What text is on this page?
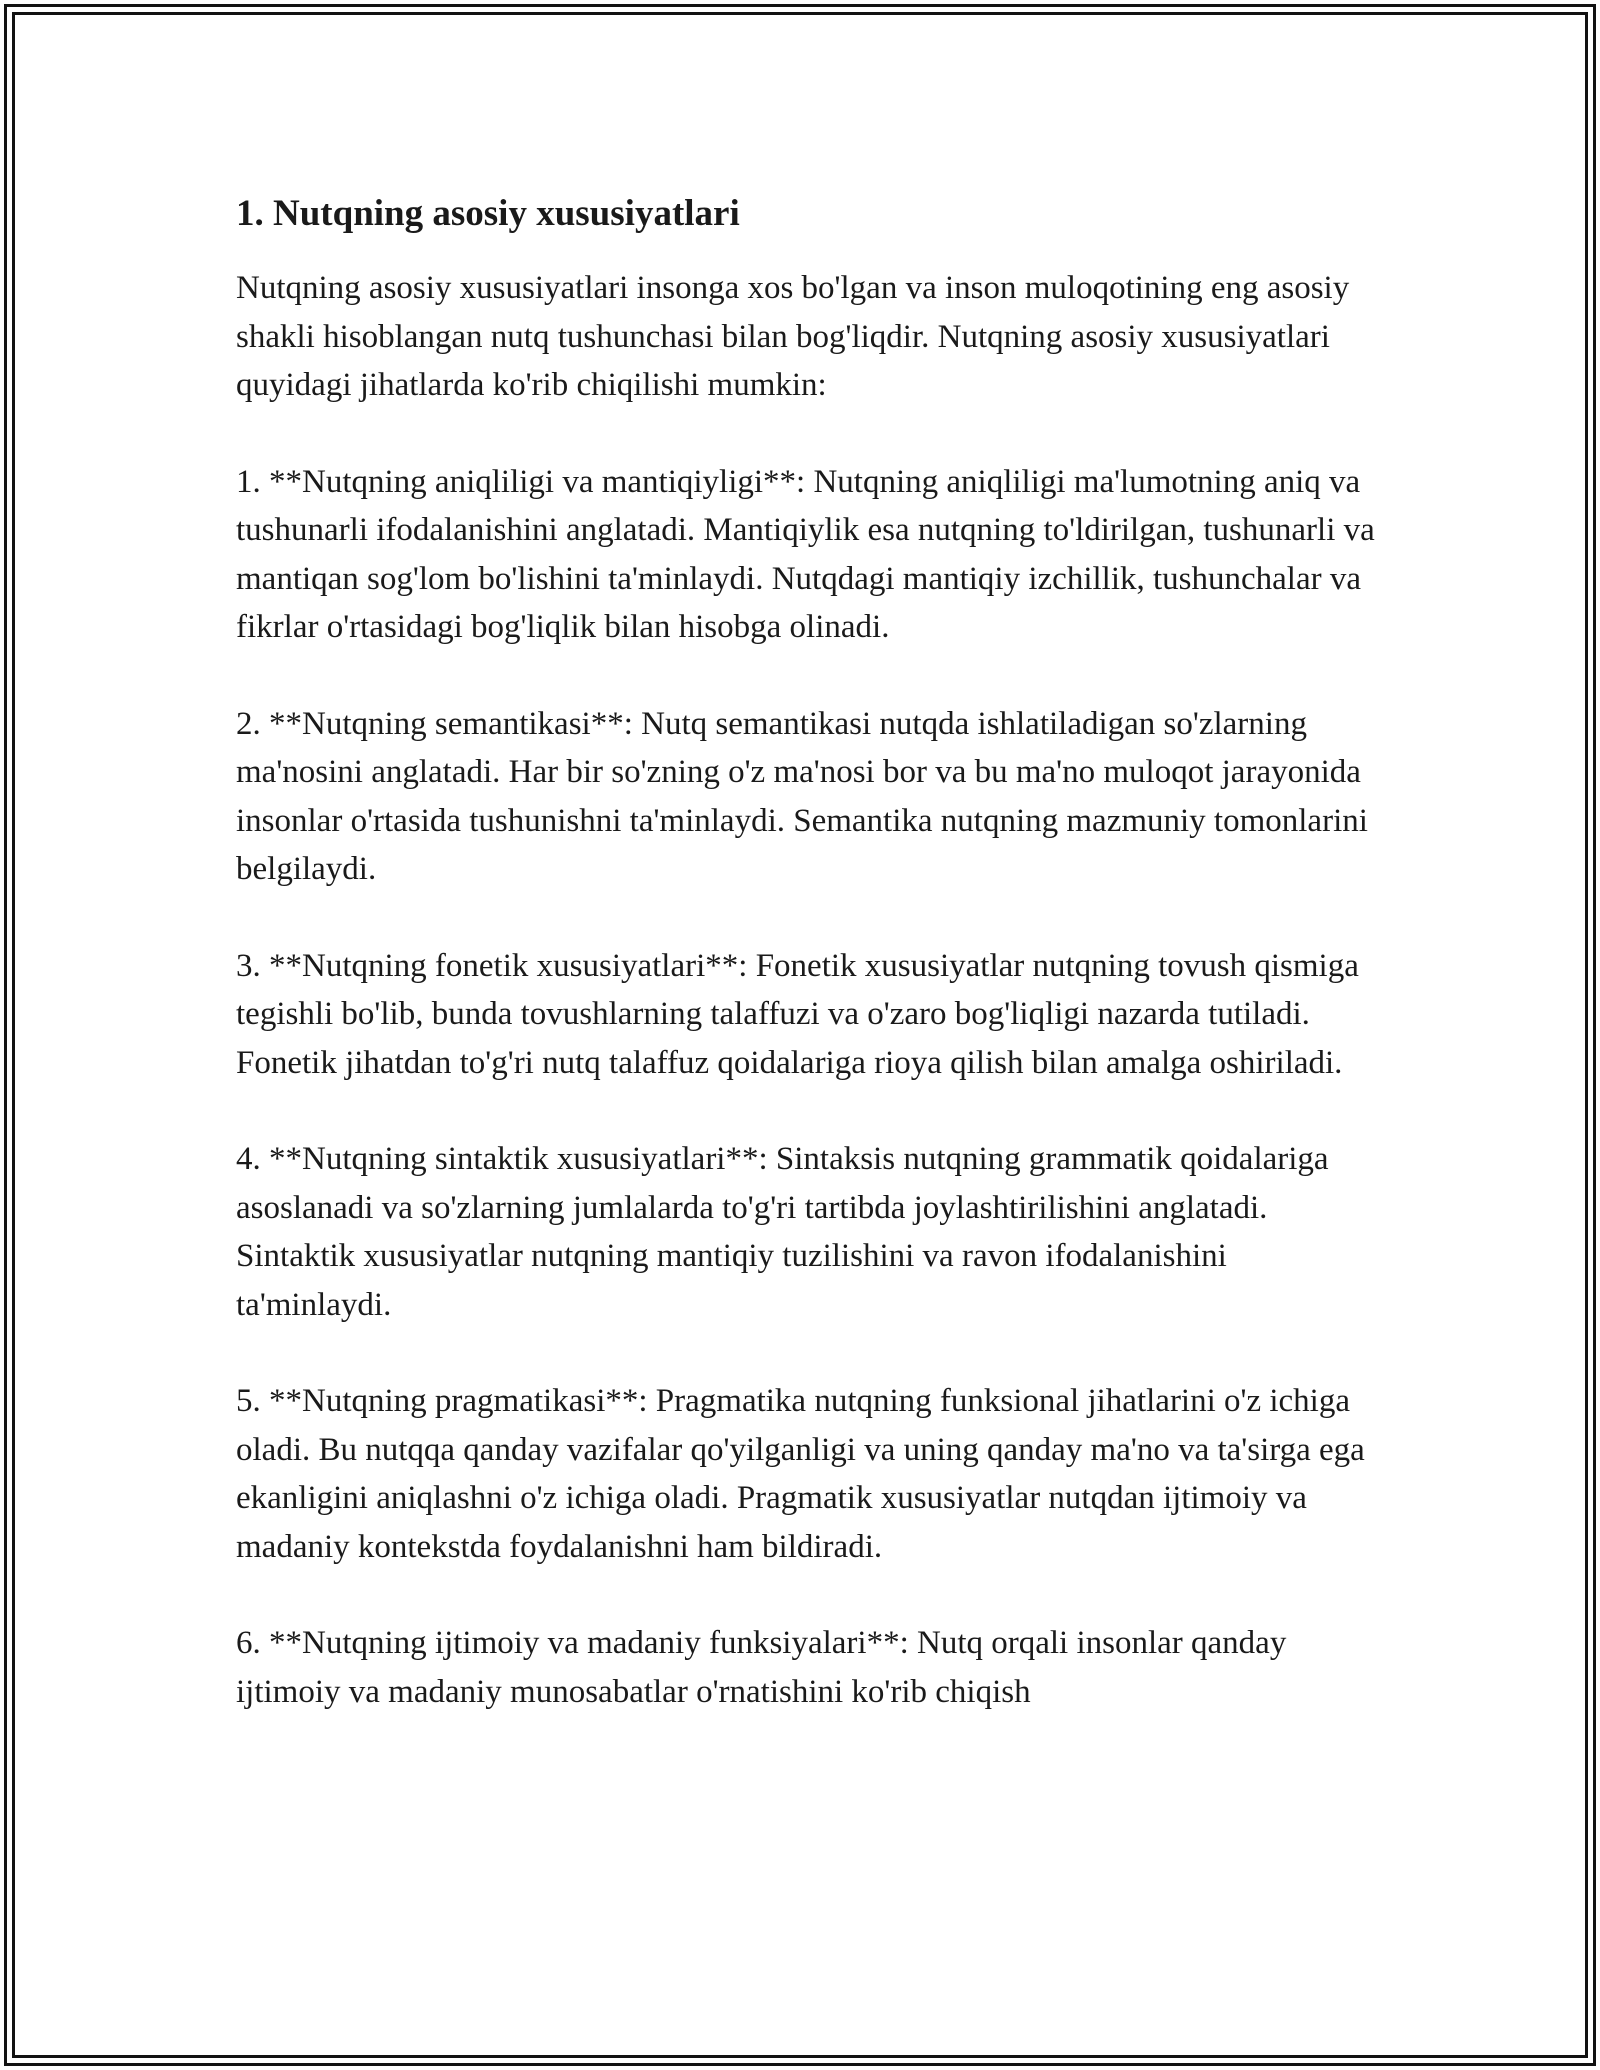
1. Nutqning asosiy xususiyatlari

Nutqning asosiy xususiyatlari insonga xos bo'lgan va inson muloqotining eng asosiy shakli hisoblangan nutq tushunchasi bilan bog'liqdir. Nutqning asosiy xususiyatlari quyidagi jihatlarda ko'rib chiqilishi mumkin:

1. **Nutqning aniqliligi va mantiqiyligi**: Nutqning aniqliligi ma'lumotning aniq va tushunarli ifodalanishini anglatadi. Mantiqiylik esa nutqning to'ldirilgan, tushunarli va mantiqan sog'lom bo'lishini ta'minlaydi. Nutqdagi mantiqiy izchillik, tushunchalar va fikrlar o'rtasidagi bog'liqlik bilan hisobga olinadi.

2. **Nutqning semantikasi**: Nutq semantikasi nutqda ishlatiladigan so'zlarning ma'nosini anglatadi. Har bir so'zning o'z ma'nosi bor va bu ma'no muloqot jarayonida insonlar o'rtasida tushunishni ta'minlaydi. Semantika nutqning mazmuniy tomonlarini belgilaydi.

3. **Nutqning fonetik xususiyatlari**: Fonetik xususiyatlar nutqning tovush qismiga tegishli bo'lib, bunda tovushlarning talaffuzi va o'zaro bog'liqligi nazarda tutiladi. Fonetik jihatdan to'g'ri nutq talaffuz qoidalariga rioya qilish bilan amalga oshiriladi.

4. **Nutqning sintaktik xususiyatlari**: Sintaksis nutqning grammatik qoidalariga asoslanadi va so'zlarning jumlalarda to'g'ri tartibda joylashtirilishini anglatadi. Sintaktik xususiyatlar nutqning mantiqiy tuzilishini va ravon ifodalanishini ta'minlaydi.

5. **Nutqning pragmatikasi**: Pragmatika nutqning funksional jihatlarini o'z ichiga oladi. Bu nutqqa qanday vazifalar qo'yilganligi va uning qanday ma'no va ta'sirga ega ekanligini aniqlashni o'z ichiga oladi. Pragmatik xususiyatlar nutqdan ijtimoiy va madaniy kontekstda foydalanishni ham bildiradi.

6. **Nutqning ijtimoiy va madaniy funksiyalari**: Nutq orqali insonlar qanday ijtimoiy va madaniy munosabatlar o'rnatishini ko'rib chiqish
